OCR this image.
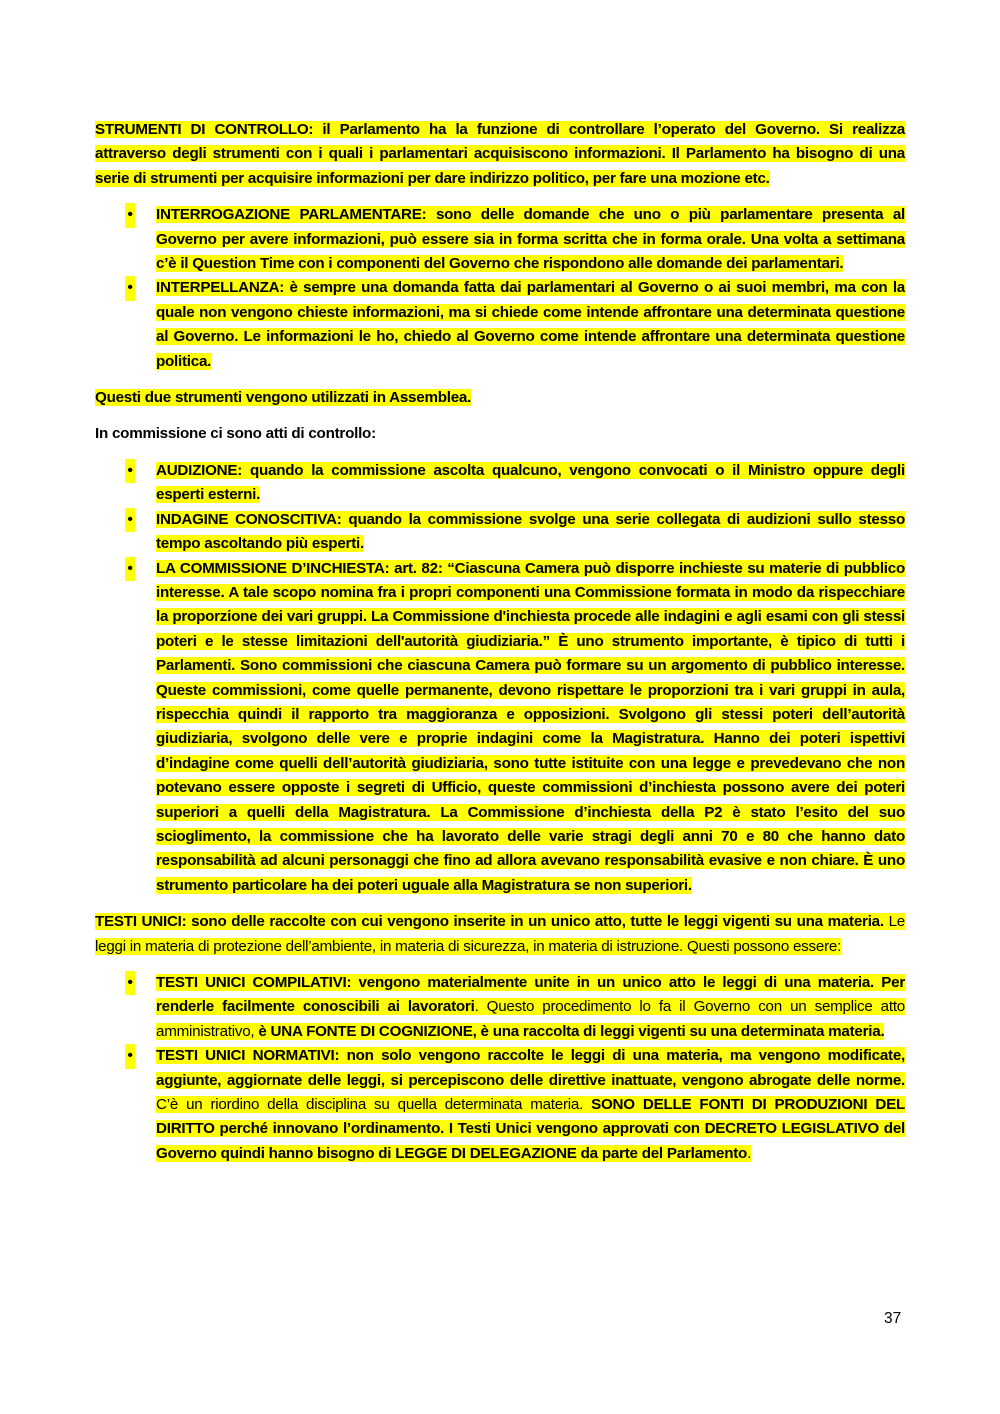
STRUMENTI DI CONTROLLO: il Parlamento ha la funzione di controllare l’operato del Governo. Si realizza attraverso degli strumenti con i quali i parlamentari acquisiscono informazioni. Il Parlamento ha bisogno di una serie di strumenti per acquisire informazioni per dare indirizzo politico, per fare una mozione etc.

• INTERROGAZIONE PARLAMENTARE: sono delle domande che uno o più parlamentare presenta al Governo per avere informazioni, può essere sia in forma scritta che in forma orale. Una volta a settimana c’è il Question Time con i componenti del Governo che rispondono alle domande dei parlamentari.
• INTERPELLANZA: è sempre una domanda fatta dai parlamentari al Governo o ai suoi membri, ma con la quale non vengono chieste informazioni, ma si chiede come intende affrontare una determinata questione al Governo. Le informazioni le ho, chiedo al Governo come intende affrontare una determinata questione politica.

Questi due strumenti vengono utilizzati in Assemblea.

In commissione ci sono atti di controllo:

• AUDIZIONE: quando la commissione ascolta qualcuno, vengono convocati o il Ministro oppure degli esperti esterni.
• INDAGINE CONOSCITIVA: quando la commissione svolge una serie collegata di audizioni sullo stesso tempo ascoltando più esperti.
• LA COMMISSIONE D’INCHIESTA: art. 82: “Ciascuna Camera può disporre inchieste su materie di pubblico interesse. A tale scopo nomina fra i propri componenti una Commissione formata in modo da rispecchiare la proporzione dei vari gruppi. La Commissione d'inchiesta procede alle indagini e agli esami con gli stessi poteri e le stesse limitazioni dell'autorità giudiziaria.” È uno strumento importante, è tipico di tutti i Parlamenti. Sono commissioni che ciascuna Camera può formare su un argomento di pubblico interesse. Queste commissioni, come quelle permanente, devono rispettare le proporzioni tra i vari gruppi in aula, rispecchia quindi il rapporto tra maggioranza e opposizioni. Svolgono gli stessi poteri dell’autorità giudiziaria, svolgono delle vere e proprie indagini come la Magistratura. Hanno dei poteri ispettivi d’indagine come quelli dell’autorità giudiziaria, sono tutte istituite con una legge e prevedevano che non potevano essere opposte i segreti di Ufficio, queste commissioni d’inchiesta possono avere dei poteri superiori a quelli della Magistratura. La Commissione d’inchiesta della P2 è stato l’esito del suo scioglimento, la commissione che ha lavorato delle varie stragi degli anni 70 e 80 che hanno dato responsabilità ad alcuni personaggi che fino ad allora avevano responsabilità evasive e non chiare. È uno strumento particolare ha dei poteri uguale alla Magistratura se non superiori.

TESTI UNICI: sono delle raccolte con cui vengono inserite in un unico atto, tutte le leggi vigenti su una materia. Le leggi in materia di protezione dell’ambiente, in materia di sicurezza, in materia di istruzione. Questi possono essere:

• TESTI UNICI COMPILATIVI: vengono materialmente unite in un unico atto le leggi di una materia. Per renderle facilmente conoscibili ai lavoratori. Questo procedimento lo fa il Governo con un semplice atto amministrativo, è UNA FONTE DI COGNIZIONE, è una raccolta di leggi vigenti su una determinata materia.
• TESTI UNICI NORMATIVI: non solo vengono raccolte le leggi di una materia, ma vengono modificate, aggiunte, aggiornate delle leggi, si percepiscono delle direttive inattuate, vengono abrogate delle norme. C’è un riordino della disciplina su quella determinata materia. SONO DELLE FONTI DI PRODUZIONI DEL DIRITTO perché innovano l’ordinamento. I Testi Unici vengono approvati con DECRETO LEGISLATIVO del Governo quindi hanno bisogno di LEGGE DI DELEGAZIONE da parte del Parlamento.
37
